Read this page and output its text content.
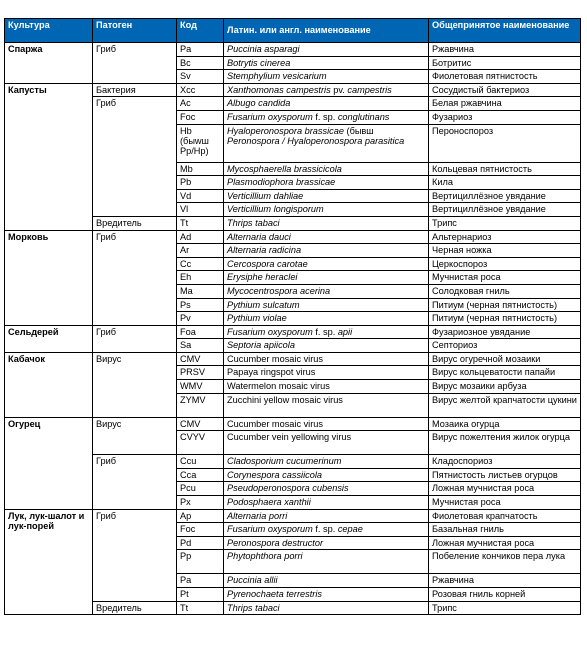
Культура	Патоген	Код	Латин. или англ. наименование	Общепринятое наименование
Спаржа	Гриб	Pa	Puccinia asparagi	Ржавчина
		Bc	Botrytis cinerea	Ботритис
		Sv	Stemphylium vesicarium	Фиолетовая пятнистость
Капусты	Бактерия	Xcc	Xanthomonas campestris pv. campestris	Сосудистый бактериоз
	Гриб	Ac	Albugo candida	Белая ржавчина
		Foc	Fusarium oxysporum f. sp. conglutinans	Фузариоз
		Hb (быwш Pp/Hp)	Hyaloperonospora brassicae (бывш Peronospora / Hyaloperonospora parasitica	Пероноспороз
		Mb	Mycosphaerella brassicicola	Кольцевая пятнистость
		Pb	Plasmodiophora brassicae	Кила
		Vd	Verticillium dahliae	Вертициллёзное увядание
		Vl	Verticillium longisporum	Вертициллёзное увядание
	Вредитель	Tt	Thrips tabaci	Трипс
Морковь	Гриб	Ad	Alternaria dauci	Альтернариоз
		Ar	Alternaria radicina	Черная ножка
		Cc	Cercospora carotae	Церкоспороз
		Eh	Erysiphe heraclei	Мучнистая роса
		Ma	Mycocentrospora acerina	Солодковая гниль
		Ps	Pythium sulcatum	Питиум (черная пятнистость)
		Pv	Pythium violae	Питиум (черная пятнистость)
Сельдерей	Гриб	Foa	Fusarium oxysporum f. sp. apii	Фузариозное увядание
		Sa	Septoria apiicola	Септориоз
Кабачок	Вирус	CMV	Cucumber mosaic virus	Вирус огуречной мозаики
		PRSV	Papaya ringspot virus	Вирус кольцеватости папайи
		WMV	Watermelon mosaic virus	Вирус мозаики арбуза
		ZYMV	Zucchini yellow mosaic virus	Вирус желтой крапчатости цукини
Огурец	Вирус	CMV	Cucumber mosaic virus	Мозаика огурца
		CVYV	Cucumber vein yellowing virus	Вирус пожелтения жилок огурца
	Гриб	Ccu	Cladosporium cucumerinum	Кладоспориоз
		Cca	Corynespora cassiicola	Пятнистость листьев огурцов
		Pcu	Pseudoperonospora cubensis	Ложная мучнистая роса
		Px	Podosphaera xanthii	Мучнистая роса
Лук, лук-шалот и лук-порей	Гриб	Ap	Alternaria porri	Фиолетовая крапчатость
		Foc	Fusarium oxysporum f. sp. cepae	Базальная гниль
		Pd	Peronospora destructor	Ложная мучнистая роса
		Pp	Phytophthora porri	Побеление кончиков пера лука
		Pa	Puccinia allii	Ржавчина
		Pt	Pyrenochaeta terrestris	Розовая гниль корней
	Вредитель	Tt	Thrips tabaci	Трипс
